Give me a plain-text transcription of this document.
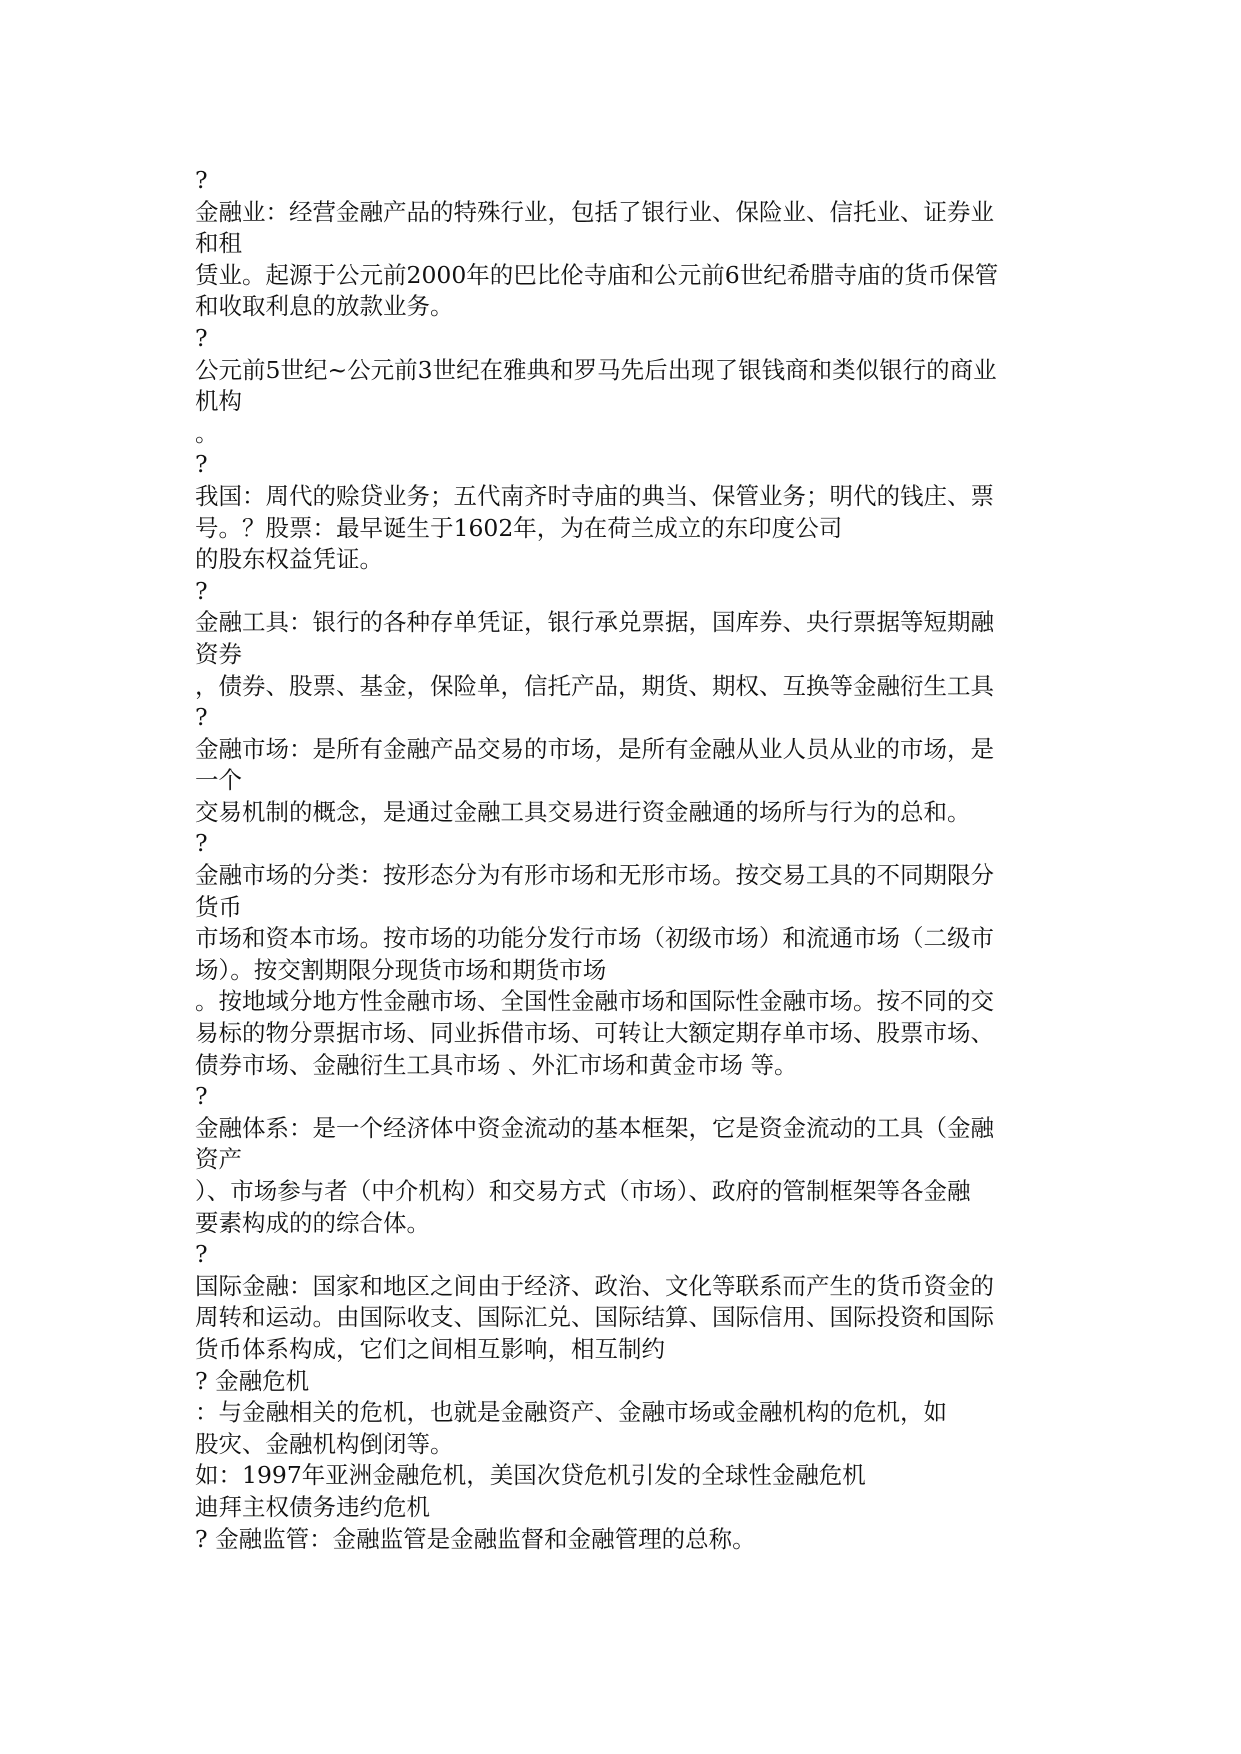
?
金融业：经营金融产品的特殊行业，包括了银行业、保险业、信托业、证券业
和租
赁业。起源于公元前2000年的巴比伦寺庙和公元前6世纪希腊寺庙的货币保管
和收取利息的放款业务。
?
公元前5世纪~公元前3世纪在雅典和罗马先后出现了银钱商和类似银行的商业
机构
。
?
我国：周代的赊贷业务；五代南齐时寺庙的典当、保管业务；明代的钱庄、票
号。？股票：最早诞生于1602年，为在荷兰成立的东印度公司
的股东权益凭证。
?
金融工具：银行的各种存单凭证，银行承兑票据，国库券、央行票据等短期融
资券
，债券、股票、基金，保险单，信托产品，期货、期权、互换等金融衍生工具
?
金融市场：是所有金融产品交易的市场，是所有金融从业人员从业的市场，是
一个
交易机制的概念，是通过金融工具交易进行资金融通的场所与行为的总和。
?
金融市场的分类：按形态分为有形市场和无形市场。按交易工具的不同期限分
货币
市场和资本市场。按市场的功能分发行市场（初级市场）和流通市场（二级市
场）。按交割期限分现货市场和期货市场
。按地域分地方性金融市场、全国性金融市场和国际性金融市场。按不同的交
易标的物分票据市场、同业拆借市场、可转让大额定期存单市场、股票市场、
债券市场、金融衍生工具市场 、外汇市场和黄金市场 等。
?
金融体系：是一个经济体中资金流动的基本框架，它是资金流动的工具（金融
资产
）、市场参与者（中介机构）和交易方式（市场）、政府的管制框架等各金融
要素构成的的综合体。
?
国际金融：国家和地区之间由于经济、政治、文化等联系而产生的货币资金的
周转和运动。由国际收支、国际汇兑、国际结算、国际信用、国际投资和国际
货币体系构成，它们之间相互影响，相互制约
? 金融危机
：与金融相关的危机，也就是金融资产、金融市场或金融机构的危机，如
股灾、金融机构倒闭等。
如：1997年亚洲金融危机，美国次贷危机引发的全球性金融危机
迪拜主权债务违约危机
? 金融监管：金融监管是金融监督和金融管理的总称。
